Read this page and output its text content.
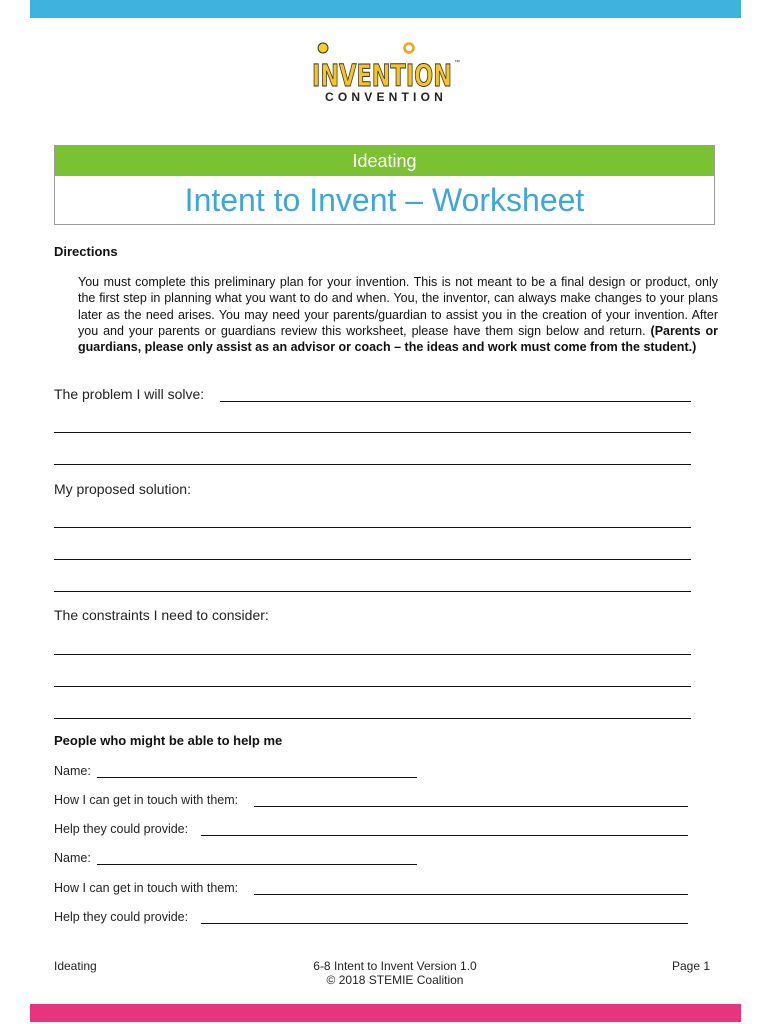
INVENTION ™
CONVENTION
Ideating
Intent to Invent – Worksheet
Directions
You must complete this preliminary plan for your invention. This is not meant to be a final design or product, only the first step in planning what you want to do and when. You, the inventor, can always make changes to your plans later as the need arises. You may need your parents/guardian to assist you in the creation of your invention. After you and your parents or guardians review this worksheet, please have them sign below and return. (Parents or guardians, please only assist as an advisor or coach – the ideas and work must come from the student.)
The problem I will solve:
My proposed solution:
The constraints I need to consider:
People who might be able to help me
Name:
How I can get in touch with them:
Help they could provide:
Name:
How I can get in touch with them:
Help they could provide:
Ideating	6-8 Intent to Invent Version 1.0
© 2018 STEMIE Coalition
Page 1
